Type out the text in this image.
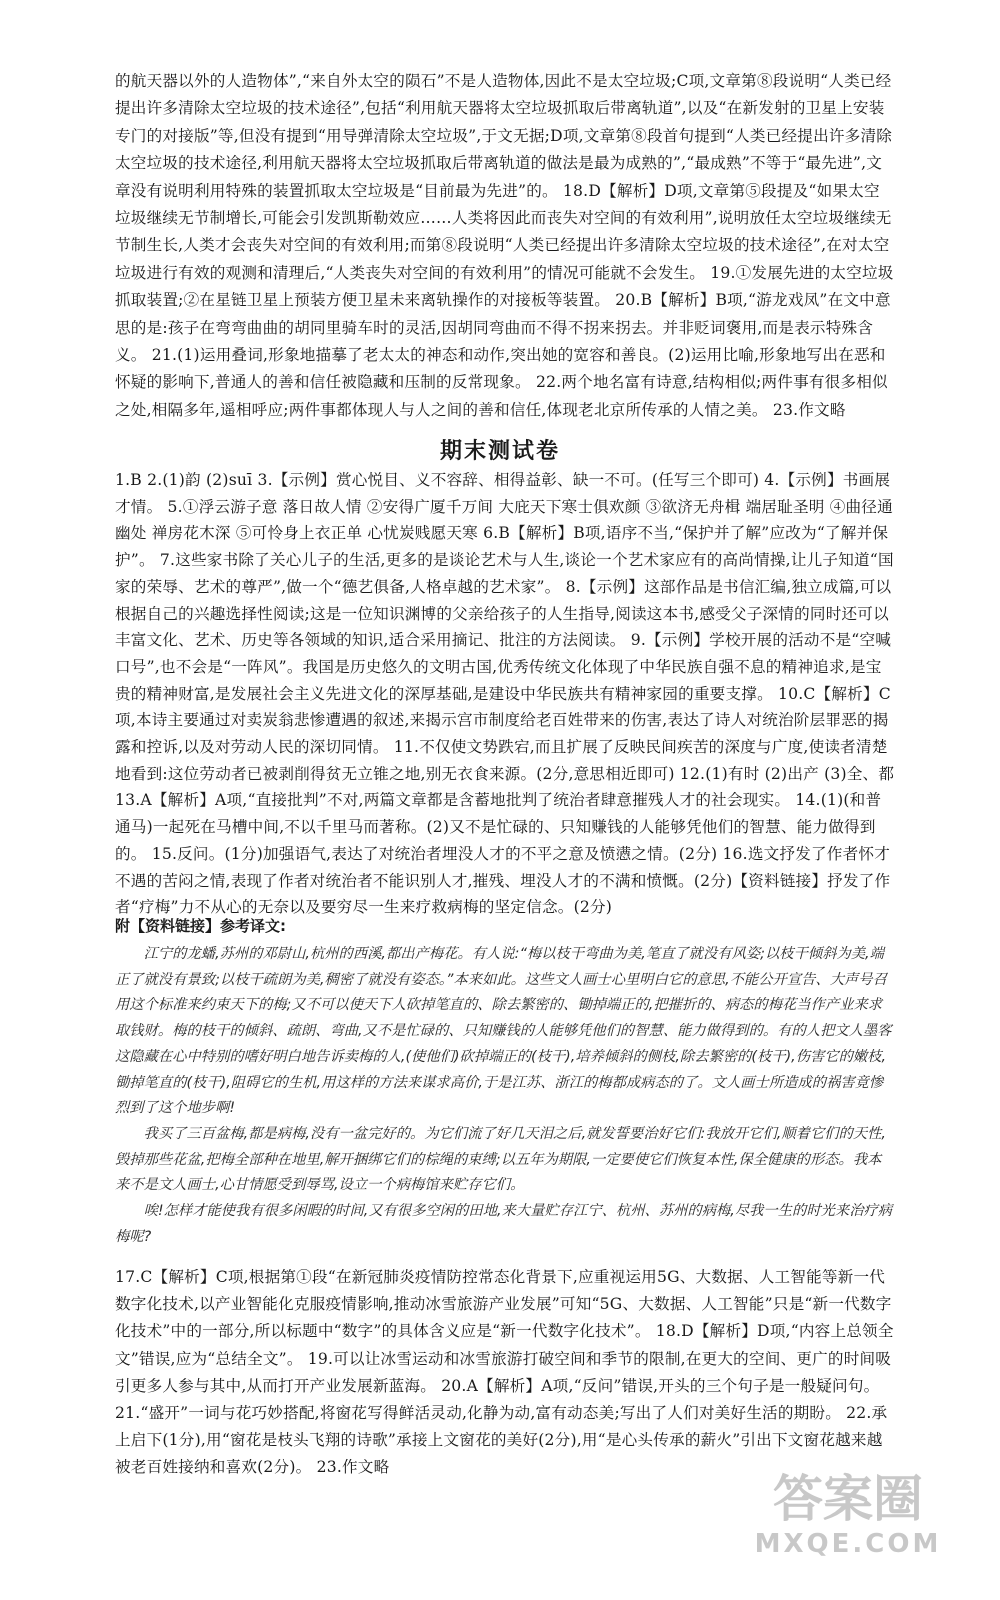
的航天器以外的人造物体”,“来自外太空的陨石”不是人造物体,因此不是太空垃圾;C项,文章第⑧段说明“人类已经提出许多清除太空垃圾的技术途径”,包括“利用航天器将太空垃圾抓取后带离轨道”,以及“在新发射的卫星上安装专门的对接版”等,但没有提到“用导弹清除太空垃圾”,于文无据;D项,文章第⑧段首句提到“人类已经提出许多清除太空垃圾的技术途径,利用航天器将太空垃圾抓取后带离轨道的做法是最为成熟的”,“最成熟”不等于“最先进”,文章没有说明利用特殊的装置抓取太空垃圾是“目前最为先进”的。 18.D【解析】D项,文章第⑤段提及“如果太空垃圾继续无节制增长,可能会引发凯斯勒效应……人类将因此而丧失对空间的有效利用”,说明放任太空垃圾继续无节制生长,人类才会丧失对空间的有效利用;而第⑧段说明“人类已经提出许多清除太空垃圾的技术途径”,在对太空垃圾进行有效的观测和清理后,“人类丧失对空间的有效利用”的情况可能就不会发生。 19.①发展先进的太空垃圾抓取装置;②在星链卫星上预装方便卫星未来离轨操作的对接板等装置。 20.B【解析】B项,“游龙戏凤”在文中意思的是:孩子在弯弯曲曲的胡同里骑车时的灵活,因胡同弯曲而不得不拐来拐去。并非贬词褒用,而是表示特殊含义。 21.(1)运用叠词,形象地描摹了老太太的神态和动作,突出她的宽容和善良。(2)运用比喻,形象地写出在恶和怀疑的影响下,普通人的善和信任被隐藏和压制的反常现象。 22.两个地名富有诗意,结构相似;两件事有很多相似之处,相隔多年,遥相呼应;两件事都体现人与人之间的善和信任,体现老北京所传承的人情之美。 23.作文略

期末测试卷

1.B 2.(1)韵 (2)suī 3.【示例】赏心悦目、义不容辞、相得益彰、缺一不可。(任写三个即可) 4.【示例】书画展才情。 5.①浮云游子意 落日故人情 ②安得广厦千万间 大庇天下寒士俱欢颜 ③欲济无舟楫 端居耻圣明 ④曲径通幽处 禅房花木深 ⑤可怜身上衣正单 心忧炭贱愿天寒 6.B【解析】B项,语序不当,“保护并了解”应改为“了解并保护”。 7.这些家书除了关心儿子的生活,更多的是谈论艺术与人生,谈论一个艺术家应有的高尚情操,让儿子知道“国家的荣辱、艺术的尊严”,做一个“德艺俱备,人格卓越的艺术家”。 8.【示例】这部作品是书信汇编,独立成篇,可以根据自己的兴趣选择性阅读;这是一位知识渊博的父亲给孩子的人生指导,阅读这本书,感受父子深情的同时还可以丰富文化、艺术、历史等各领域的知识,适合采用摘记、批注的方法阅读。 9.【示例】学校开展的活动不是“空喊口号”,也不会是“一阵风”。我国是历史悠久的文明古国,优秀传统文化体现了中华民族自强不息的精神追求,是宝贵的精神财富,是发展社会主义先进文化的深厚基础,是建设中华民族共有精神家园的重要支撑。 10.C【解析】C项,本诗主要通过对卖炭翁悲惨遭遇的叙述,来揭示宫市制度给老百姓带来的伤害,表达了诗人对统治阶层罪恶的揭露和控诉,以及对劳动人民的深切同情。 11.不仅使文势跌宕,而且扩展了反映民间疾苦的深度与广度,使读者清楚地看到:这位劳动者已被剥削得贫无立锥之地,别无衣食来源。(2分,意思相近即可) 12.(1)有时 (2)出产 (3)全、都 13.A【解析】A项,“直接批判”不对,两篇文章都是含蓄地批判了统治者肆意摧残人才的社会现实。 14.(1)(和普通马)一起死在马槽中间,不以千里马而著称。(2)又不是忙碌的、只知赚钱的人能够凭他们的智慧、能力做得到的。 15.反问。(1分)加强语气,表达了对统治者埋没人才的不平之意及愤懑之情。(2分) 16.选文抒发了作者怀才不遇的苦闷之情,表现了作者对统治者不能识别人才,摧残、埋没人才的不满和愤慨。(2分)【资料链接】抒发了作者“疗梅”力不从心的无奈以及要穷尽一生来疗救病梅的坚定信念。(2分)

附【资料链接】参考译文:

江宁的龙蟠,苏州的邓尉山,杭州的西溪,都出产梅花。有人说:“梅以枝干弯曲为美,笔直了就没有风姿;以枝干倾斜为美,端正了就没有景致;以枝干疏朗为美,稠密了就没有姿态。”本来如此。这些文人画士心里明白它的意思,不能公开宣告、大声号召用这个标准来约束天下的梅;又不可以使天下人砍掉笔直的、除去繁密的、锄掉端正的,把摧折的、病态的梅花当作产业来求取钱财。梅的枝干的倾斜、疏朗、弯曲,又不是忙碌的、只知赚钱的人能够凭他们的智慧、能力做得到的。有的人把文人墨客这隐藏在心中特别的嗜好明白地告诉卖梅的人,(使他们)砍掉端正的(枝干),培养倾斜的侧枝,除去繁密的(枝干),伤害它的嫩枝,锄掉笔直的(枝干),阻碍它的生机,用这样的方法来谋求高价,于是江苏、浙江的梅都成病态的了。文人画士所造成的祸害竟惨烈到了这个地步啊!

我买了三百盆梅,都是病梅,没有一盆完好的。为它们流了好几天泪之后,就发誓要治好它们:我放开它们,顺着它们的天性,毁掉那些花盆,把梅全部种在地里,解开捆绑它们的棕绳的束缚;以五年为期限,一定要使它们恢复本性,保全健康的形态。我本来不是文人画士,心甘情愿受到辱骂,设立一个病梅馆来贮存它们。

唉!怎样才能使我有很多闲暇的时间,又有很多空闲的田地,来大量贮存江宁、杭州、苏州的病梅,尽我一生的时光来治疗病梅呢?

17.C【解析】C项,根据第①段“在新冠肺炎疫情防控常态化背景下,应重视运用5G、大数据、人工智能等新一代数字化技术,以产业智能化克服疫情影响,推动冰雪旅游产业发展”可知“5G、大数据、人工智能”只是“新一代数字化技术”中的一部分,所以标题中“数字”的具体含义应是“新一代数字化技术”。 18.D【解析】D项,“内容上总领全文”错误,应为“总结全文”。 19.可以让冰雪运动和冰雪旅游打破空间和季节的限制,在更大的空间、更广的时间吸引更多人参与其中,从而打开产业发展新蓝海。 20.A【解析】A项,“反问”错误,开头的三个句子是一般疑问句。 21.“盛开”一词与花巧妙搭配,将窗花写得鲜活灵动,化静为动,富有动态美;写出了人们对美好生活的期盼。 22.承上启下(1分),用“窗花是枝头飞翔的诗歌”承接上文窗花的美好(2分),用“是心头传承的薪火”引出下文窗花越来越被老百姓接纳和喜欢(2分)。 23.作文略

答案圈
MXQE.COM
